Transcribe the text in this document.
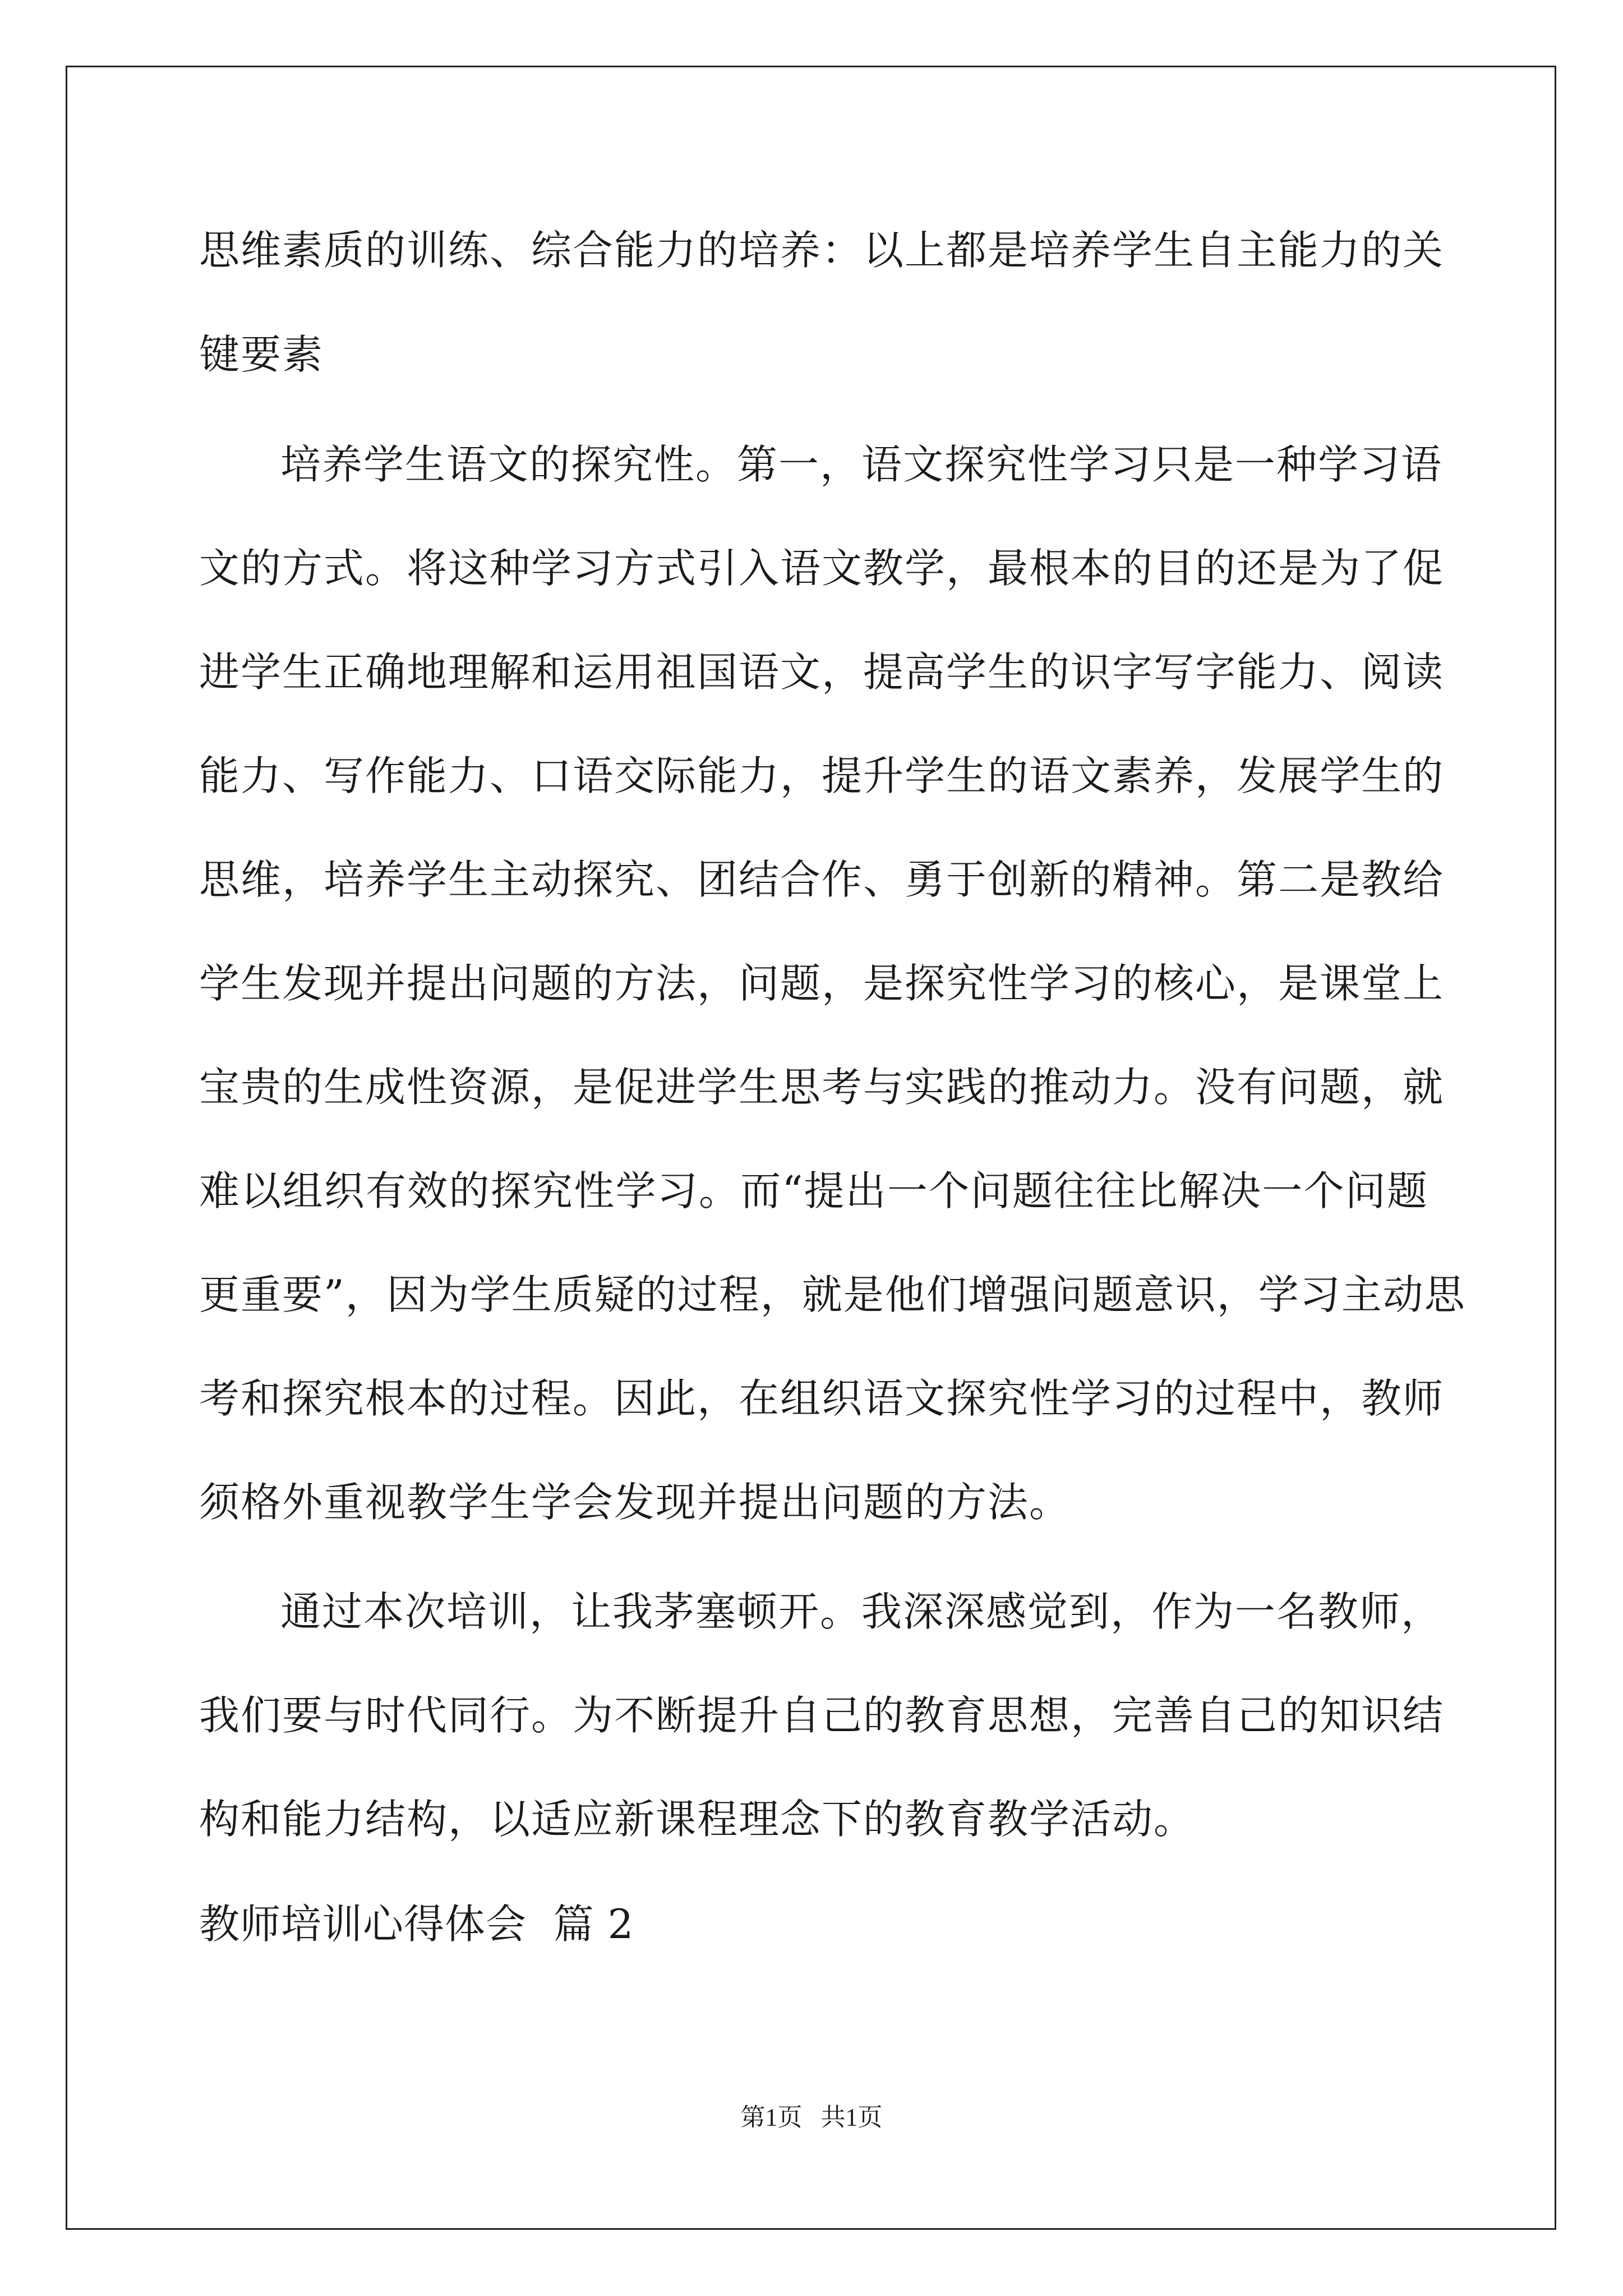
思维素质的训练、综合能力的培养：以上都是培养学生自主能力的关
键要素
培养学生语文的探究性。第一，语文探究性学习只是一种学习语
文的方式。将这种学习方式引入语文教学，最根本的目的还是为了促
进学生正确地理解和运用祖国语文，提高学生的识字写字能力、阅读
能力、写作能力、口语交际能力，提升学生的语文素养，发展学生的
思维，培养学生主动探究、团结合作、勇于创新的精神。第二是教给
学生发现并提出问题的方法，问题，是探究性学习的核心，是课堂上
宝贵的生成性资源，是促进学生思考与实践的推动力。没有问题，就
难以组织有效的探究性学习。而“提出一个问题往往比解决一个问题
更重要”，因为学生质疑的过程，就是他们增强问题意识，学习主动思
考和探究根本的过程。因此，在组织语文探究性学习的过程中，教师
须格外重视教学生学会发现并提出问题的方法。
通过本次培训，让我茅塞顿开。我深深感觉到，作为一名教师，
我们要与时代同行。为不断提升自己的教育思想，完善自己的知识结
构和能力结构，以适应新课程理念下的教育教学活动。
教师培训心得体会  篇 2
第1页   共1页
